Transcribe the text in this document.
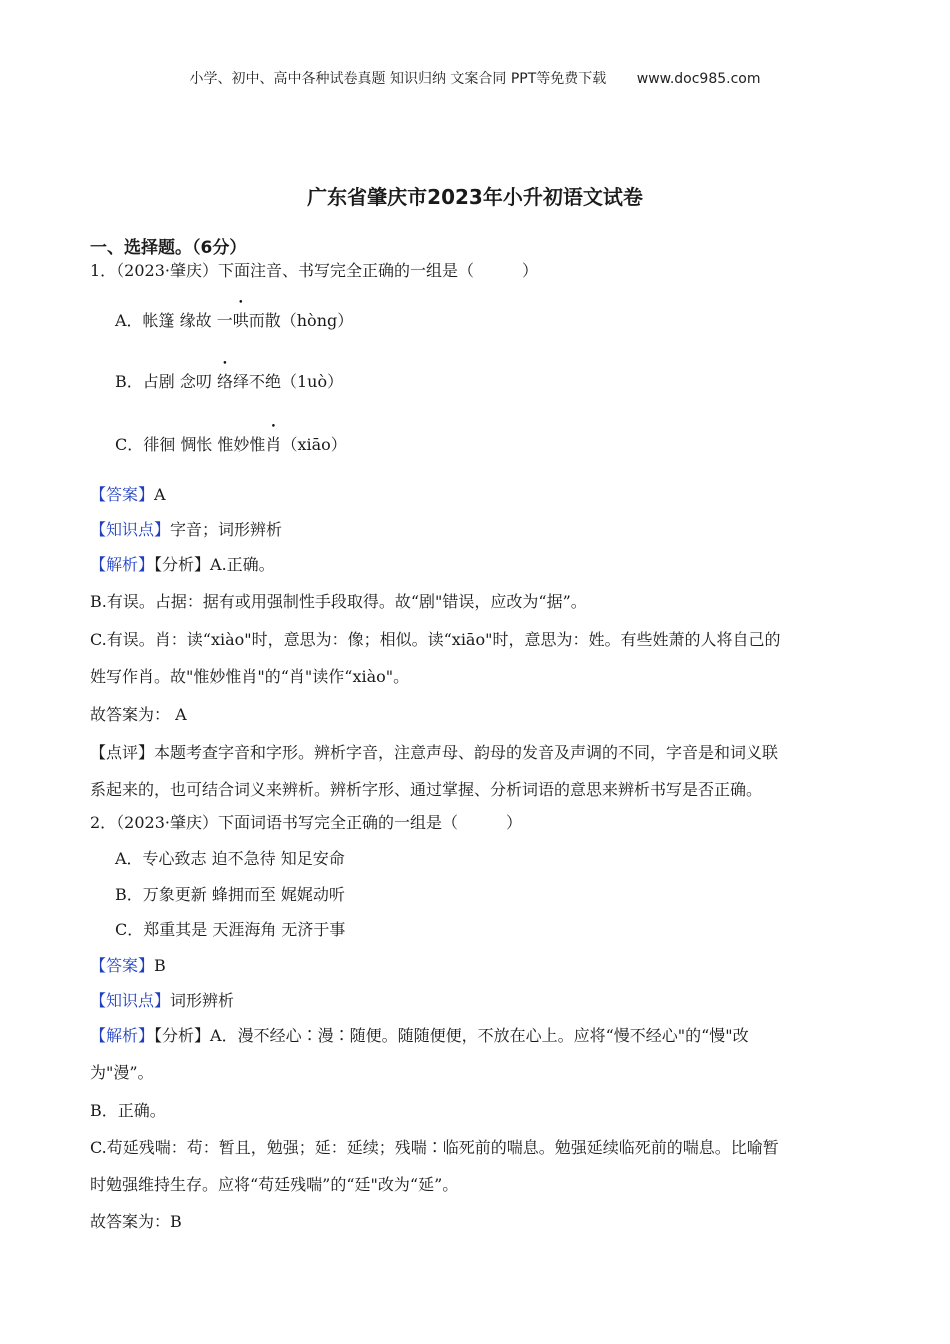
小学、初中、高中各种试卷真题 知识归纳 文案合同 PPT等免费下载 www.doc985.com
广东省肇庆市2023年小升初语文试卷
一、选择题。（6分）
1．（2023·肇庆）下面注音、书写完全正确的一组是（　　　）
A．帐篷 缘故 一哄而散（hòng）
B．占剧 念叨 络绎不绝（1uò）
C．徘徊 惆怅 惟妙惟肖（xiāo）
【答案】A
【知识点】字音；词形辨析
【解析】【分析】A.正确。
B.有误。占据：据有或用强制性手段取得。故“剧"错误，应改为“据”。
C.有误。肖：读“xiào"时，意思为：像；相似。读“xiāo"时，意思为：姓。有些姓萧的人将自己的
姓写作肖。故"惟妙惟肖"的“肖"读作“xiào"。
故答案为： A
【点评】本题考查字音和字形。辨析字音，注意声母、韵母的发音及声调的不同，字音是和词义联
系起来的，也可结合词义来辨析。辨析字形、通过掌握、分析词语的意思来辨析书写是否正确。
2．（2023·肇庆）下面词语书写完全正确的一组是（　　　）
A．专心致志 迫不急待 知足安命
B．万象更新 蜂拥而至 娓娓动听
C．郑重其是 天涯海角 无济于事
【答案】B
【知识点】词形辨析
【解析】【分析】A．漫不经心∶漫∶随便。随随便便，不放在心上。应将“慢不经心"的“慢"改
为"漫”。
B．正确。
C.苟延残喘：苟：暂且，勉强；延：延续；残喘∶临死前的喘息。勉强延续临死前的喘息。比喻暂
时勉强维持生存。应将“苟廷残喘”的“廷"改为“延”。
故答案为：B
